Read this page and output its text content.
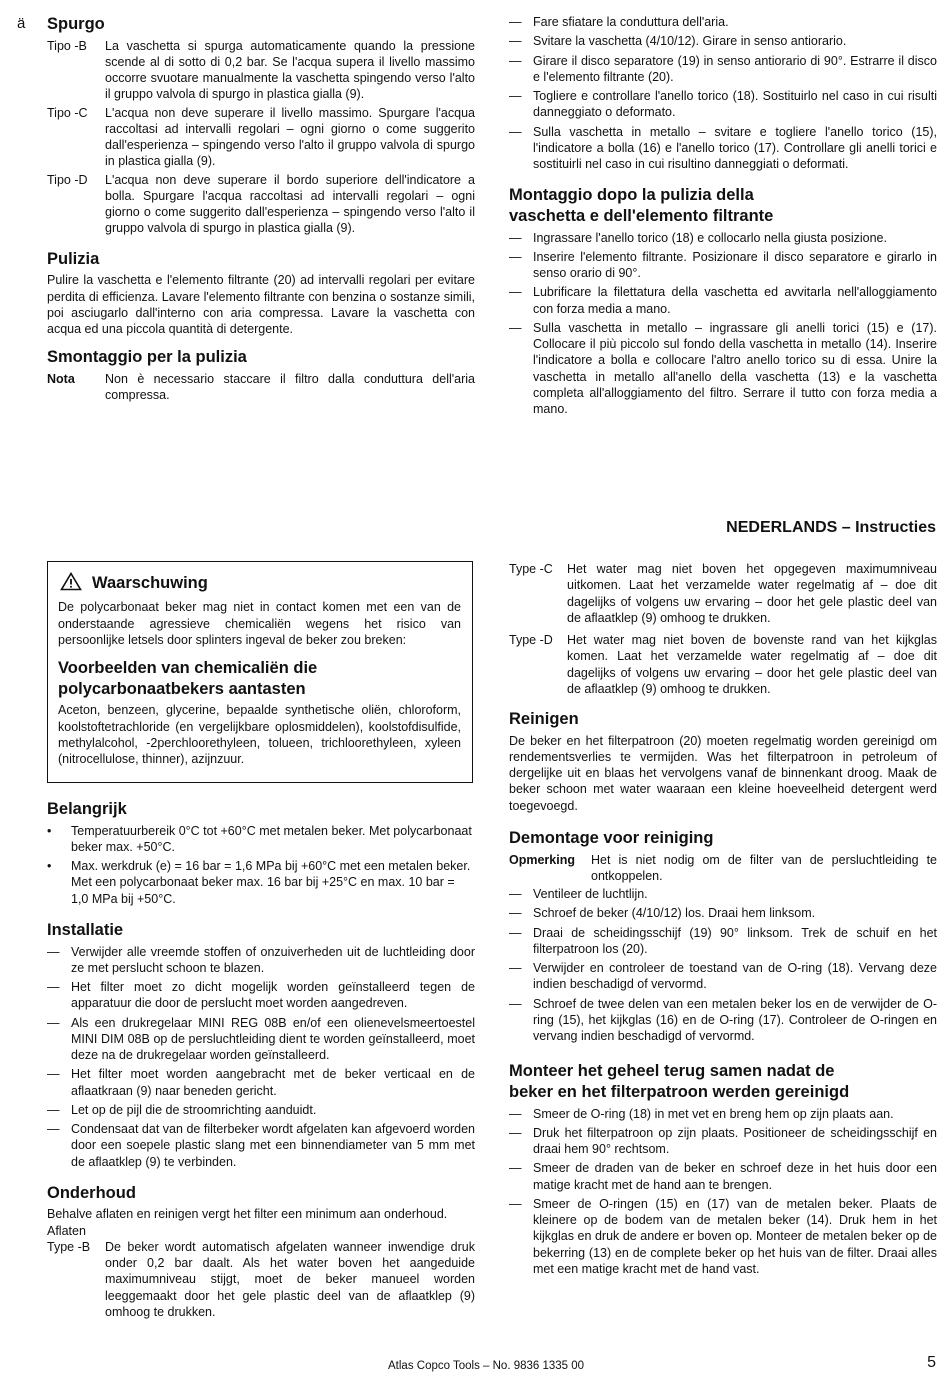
ä Spurgo
Tipo -B	La vaschetta si spurga automaticamente quando la pressione scende al di sotto di 0,2 bar. Se l'acqua supera il livello massimo occorre svuotare manualmente la vaschetta spingendo verso l'alto il gruppo valvola di spurgo in plastica gialla (9).
Tipo -C	L'acqua non deve superare il livello massimo. Spurgare l'acqua raccoltasi ad intervalli regolari – ogni giorno o come suggerito dall'esperienza – spingendo verso l'alto il gruppo valvola di spurgo in plastica gialla (9).
Tipo -D	L'acqua non deve superare il bordo superiore dell'indicatore a bolla. Spurgare l'acqua raccoltasi ad intervalli regolari – ogni giorno o come suggerito dall'esperienza – spingendo verso l'alto il gruppo valvola di spurgo in plastica gialla (9).
Pulizia

Pulire la vaschetta e l'elemento filtrante (20) ad intervalli regolari per evitare perdita di efficienza. Lavare l'elemento filtrante con benzina o sostanze simili, poi asciugarlo dall'interno con aria compressa. Lavare la vaschetta con acqua ed una piccola quantità di detergente.

Smontaggio per la pulizia
Nota	Non è necessario staccare il filtro dalla conduttura dell'aria compressa.
— Fare sfiatare la conduttura dell'aria.
— Svitare la vaschetta (4/10/12). Girare in senso antiorario.
— Girare il disco separatore (19) in senso antiorario di 90°. Estrarre il disco e l'elemento filtrante (20).
— Togliere e controllare l'anello torico (18). Sostituirlo nel caso in cui risulti danneggiato o deformato.
— Sulla vaschetta in metallo – svitare e togliere l'anello torico (15), l'indicatore a bolla (16) e l'anello torico (17). Controllare gli anelli torici e sostituirli nel caso in cui risultino danneggiati o deformati.
Montaggio dopo la pulizia della
vaschetta e dell'elemento filtrante
— Ingrassare l'anello torico (18) e collocarlo nella giusta posizione.
— Inserire l'elemento filtrante. Posizionare il disco separatore e girarlo in senso orario di 90°.
— Lubrificare la filettatura della vaschetta ed avvitarla nell'alloggiamento con forza media a mano.
— Sulla vaschetta in metallo – ingrassare gli anelli torici (15) e (17). Collocare il più piccolo sul fondo della vaschetta in metallo (14). Inserire l'indicatore a bolla e collocare l'altro anello torico su di essa. Unire la vaschetta in metallo all'anello della vaschetta (13) e la vaschetta completa all'alloggiamento del filtro. Serrare il tutto con forza media a mano.
NEDERLANDS – Instructies
Waarschuwing

De polycarbonaat beker mag niet in contact komen met een van de onderstaande agressieve chemicaliën wegens het risico van persoonlijke letsels door splinters ingeval de beker zou breken:

Voorbeelden van chemicaliën die
polycarbonaatbekers aantasten

Aceton, benzeen, glycerine, bepaalde synthetische oliën, chloroform, koolstoftetrachloride (en vergelijkbare oplosmiddelen), koolstofdisulfide, methylalcohol, -2perchloorethyleen, tolueen, trichloorethyleen, xyleen (nitrocellulose, thinner), azijnzuur.

Belangrijk
•	Temperatuurbereik 0°C tot +60°C met metalen beker. Met polycarbonaat beker max. +50°C.
•	Max. werkdruk (e) = 16 bar = 1,6 MPa bij +60°C met een metalen beker. Met een polycarbonaat beker max. 16 bar bij +25°C en max. 10 bar = 1,0 MPa bij +50°C.
Installatie
— Verwijder alle vreemde stoffen of onzuiverheden uit de luchtleiding door ze met perslucht schoon te blazen.
— Het filter moet zo dicht mogelijk worden geïnstalleerd tegen de apparatuur die door de perslucht moet worden aangedreven.
— Als een drukregelaar MINI REG 08B en/of een olienevelsmeertoestel MINI DIM 08B op de persluchtleiding dient te worden geïnstalleerd, moet deze na de drukregelaar worden geïnstalleerd.
— Het filter moet worden aangebracht met de beker verticaal en de aflaatkraan (9) naar beneden gericht.
— Let op de pijl die de stroomrichting aanduidt.
— Condensaat dat van de filterbeker wordt afgelaten kan afgevoerd worden door een soepele plastic slang met een binnendiameter van 5 mm met de aflaatklep (9) te verbinden.
Onderhoud

Behalve aflaten en reinigen vergt het filter een minimum aan onderhoud.

Aflaten

Type -B	De beker wordt automatisch afgelaten wanneer inwendige druk onder 0,2 bar daalt. Als het water boven het aangeduide maximumniveau stijgt, moet de beker manueel worden leeggemaakt door het gele plastic deel van de aflaatklep (9) omhoog te drukken.
Type -C	Het water mag niet boven het opgegeven maximumniveau uitkomen. Laat het verzamelde water regelmatig af – doe dit dagelijks of volgens uw ervaring – door het gele plastic deel van de aflaatklep (9) omhoog te drukken.
Type -D	Het water mag niet boven de bovenste rand van het kijkglas komen. Laat het verzamelde water regelmatig af – doe dit dagelijks of volgens uw ervaring – door het gele plastic deel van de aflaatklep (9) omhoog te drukken.
Reinigen

De beker en het filterpatroon (20) moeten regelmatig worden gereinigd om rendementsverlies te vermijden. Was het filterpatroon in petroleum of dergelijke uit en blaas het vervolgens vanaf de binnenkant droog. Maak de beker schoon met water waaraan een kleine hoeveelheid detergent werd toegevoegd.

Demontage voor reiniging
Opmerking	Het is niet nodig om de filter van de persluchtleiding te ontkoppelen.
— Ventileer de luchtlijn.
— Schroef de beker (4/10/12) los. Draai hem linksom.
— Draai de scheidingsschijf (19) 90° linksom. Trek de schuif en het filterpatroon los (20).
— Verwijder en controleer de toestand van de O-ring (18). Vervang deze indien beschadigd of vervormd.
— Schroef de twee delen van een metalen beker los en de verwijder de O-ring (15), het kijkglas (16) en de O-ring (17). Controleer de O-ringen en vervang indien beschadigd of vervormd.
Monteer het geheel terug samen nadat de
beker en het filterpatroon werden gereinigd
— Smeer de O-ring (18) in met vet en breng hem op zijn plaats aan.
— Druk het filterpatroon op zijn plaats. Positioneer de scheidingsschijf en draai hem 90° rechtsom.
— Smeer de draden van de beker en schroef deze in het huis door een matige kracht met de hand aan te brengen.
— Smeer de O-ringen (15) en (17) van de metalen beker. Plaats de kleinere op de bodem van de metalen beker (14). Druk hem in het kijkglas en druk de andere er boven op. Monteer de metalen beker op de bekerring (13) en de complete beker op het huis van de filter. Draai alles met een matige kracht met de hand vast.
Atlas Copco Tools – No. 9836 1335 00	5
